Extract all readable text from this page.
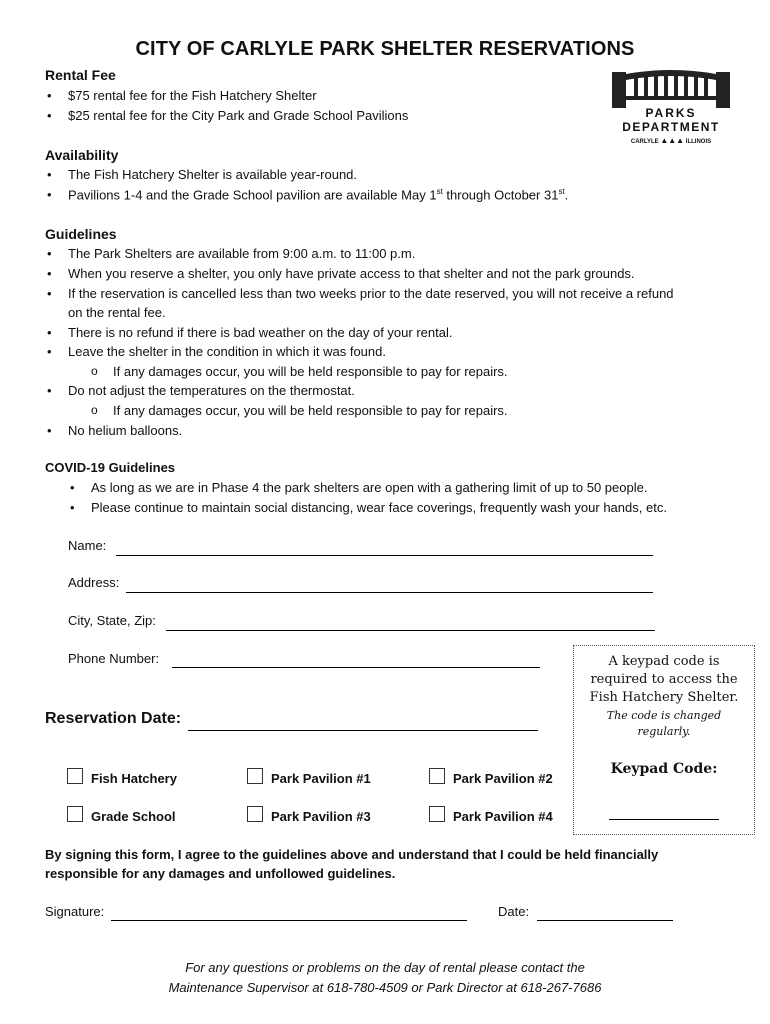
CITY OF CARLYLE PARK SHELTER RESERVATIONS
PARKS
DEPARTMENT
CARLYLE ▲▲▲ ILLINOIS
Rental Fee
• $75 rental fee for the Fish Hatchery Shelter
• $25 rental fee for the City Park and Grade School Pavilions
Availability
• The Fish Hatchery Shelter is available year-round.
• Pavilions 1-4 and the Grade School pavilion are available May 1st through October 31st.
Guidelines
• The Park Shelters are available from 9:00 a.m. to 11:00 p.m.
• When you reserve a shelter, you only have private access to that shelter and not the park grounds.
• If the reservation is cancelled less than two weeks prior to the date reserved, you will not receive a refund
on the rental fee.
• There is no refund if there is bad weather on the day of your rental.
• Leave the shelter in the condition in which it was found.
o If any damages occur, you will be held responsible to pay for repairs.
• Do not adjust the temperatures on the thermostat.
o If any damages occur, you will be held responsible to pay for repairs.
• No helium balloons.
COVID-19 Guidelines
• As long as we are in Phase 4 the park shelters are open with a gathering limit of up to 50 people.
• Please continue to maintain social distancing, wear face coverings, frequently wash your hands, etc.
Name:
Address:
City, State, Zip:
Phone Number:
Reservation Date:
Fish Hatchery	Park Pavilion #1	Park Pavilion #2
Grade School	Park Pavilion #3	Park Pavilion #4
A keypad code is
required to access the
Fish Hatchery Shelter.
The code is changed
regularly.
Keypad Code:
By signing this form, I agree to the guidelines above and understand that I could be held financially
responsible for any damages and unfollowed guidelines.
Signature:	Date:
For any questions or problems on the day of rental please contact the
Maintenance Supervisor at 618-780-4509 or Park Director at 618-267-7686
